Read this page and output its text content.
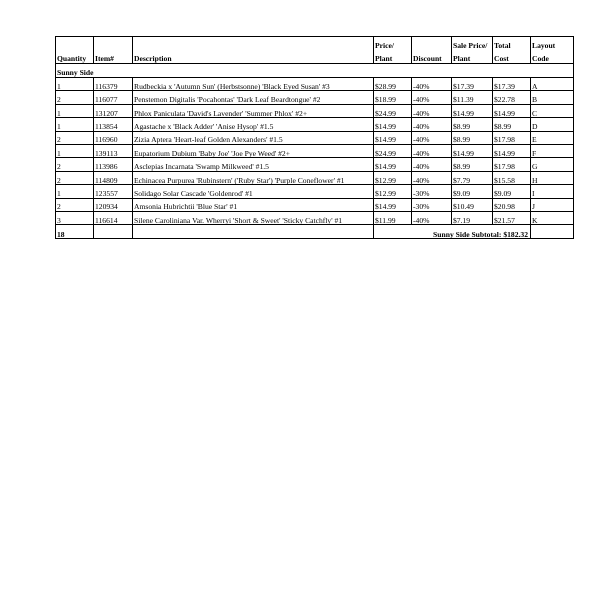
			Price/		Sale Price/	Total	Layout
Quantity	Item#	Description	Plant	Discount	Plant	Cost	Code
Sunny Side							
1	116379	Rudbeckia x 'Autumn Sun' (Herbstsonne) 'Black Eyed Susan' #3	$28.99	-40%	$17.39	$17.39	A
2	116077	Penstemon Digitalis 'Pocahontas' 'Dark Leaf Beardtongue' #2	$18.99	-40%	$11.39	$22.78	B
1	131207	Phlox Paniculata 'David's Lavender' 'Summer Phlox' #2+	$24.99	-40%	$14.99	$14.99	C
1	113854	Agastache x 'Black Adder' 'Anise Hysop' #1.5	$14.99	-40%	$8.99	$8.99	D
2	116960	Zizia Aptera 'Heart-leaf Golden Alexanders' #1.5	$14.99	-40%	$8.99	$17.98	E
1	139113	Eupatorium Dubium 'Baby Joe' 'Joe Pye Weed' #2+	$24.99	-40%	$14.99	$14.99	F
2	113986	Asclepias Incarnata 'Swamp Milkweed' #1.5	$14.99	-40%	$8.99	$17.98	G
2	114809	Echinacea Purpurea 'Rubinstern' ('Ruby Star') 'Purple Coneflower' #1	$12.99	-40%	$7.79	$15.58	H
1	123557	Solidago Solar Cascade 'Goldenrod' #1	$12.99	-30%	$9.09	$9.09	I
2	120934	Amsonia Hubrichtii 'Blue Star' #1	$14.99	-30%	$10.49	$20.98	J
3	116614	Silene Caroliniana Var. Wherryi 'Short & Sweet' 'Sticky Catchfly' #1	$11.99	-40%	$7.19	$21.57	K
18			Sunny Side Subtotal: $182.32				
